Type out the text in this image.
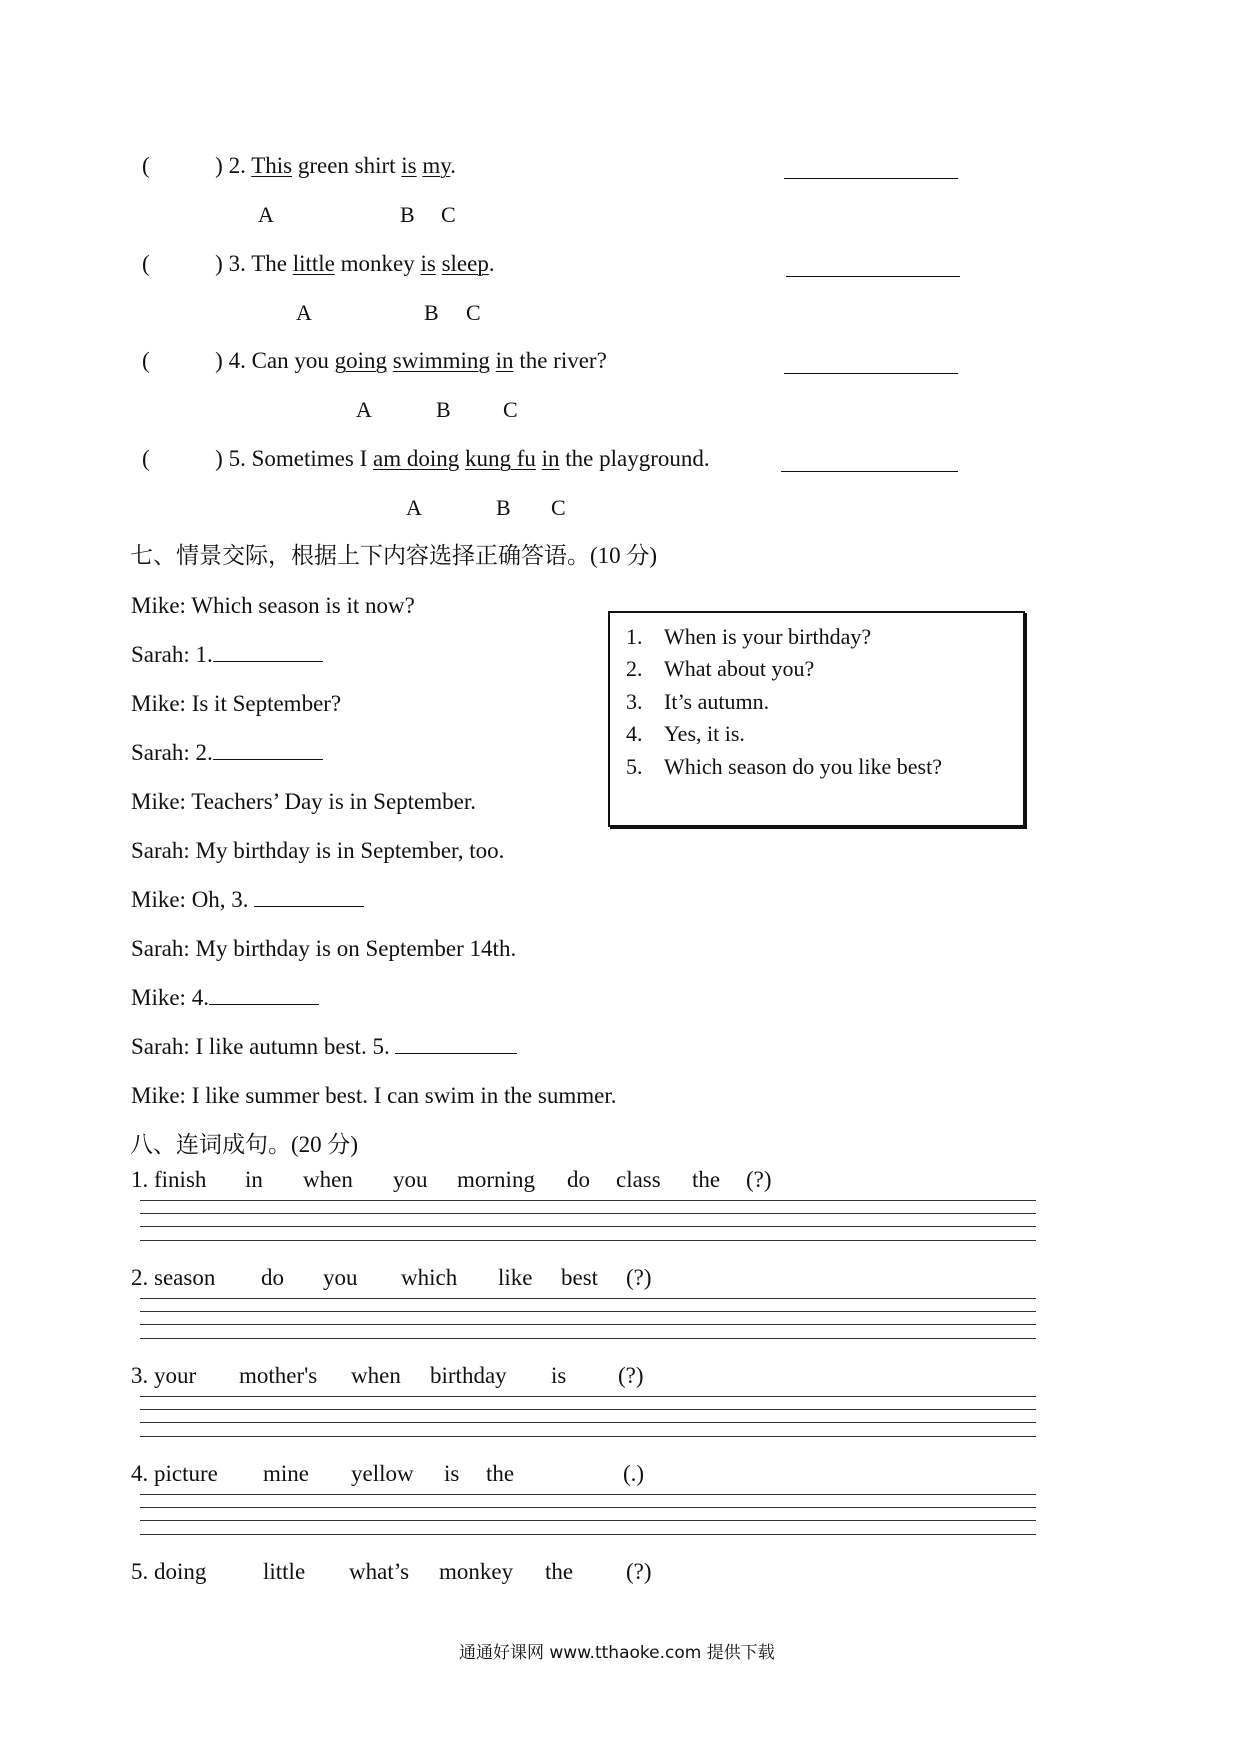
(	) 2. This green shirt is my.
A	B C
(	) 3. The little monkey is sleep.
A	B C
(	) 4. Can you going swimming in the river?
A	B C
(	) 5. Sometimes I am doing kung fu in the playground.
A	B C
七、情景交际，根据上下内容选择正确答语。(10 分)
Mike: Which season is it now?
Sarah: 1.
Mike: Is it September?
Sarah: 2.
Mike: Teachers’ Day is in September.
Sarah: My birthday is in September, too.
Mike: Oh, 3.
Sarah: My birthday is on September 14th.
Mike: 4.
Sarah: I like autumn best. 5.
Mike: I like summer best. I can swim in the summer.
1. When is your birthday?
2. What about you?
3. It’s autumn.
4. Yes, it is.
5. Which season do you like best?
八、连词成句。(20 分)
1. finish in when you morning do class the (?)
2. season do you which like best (?)
3. your mother's when birthday is (?)
4. picture mine yellow is the	(.)
5. doing little what’s monkey the (?)
通通好课网 www.tthaoke.com 提供下载
